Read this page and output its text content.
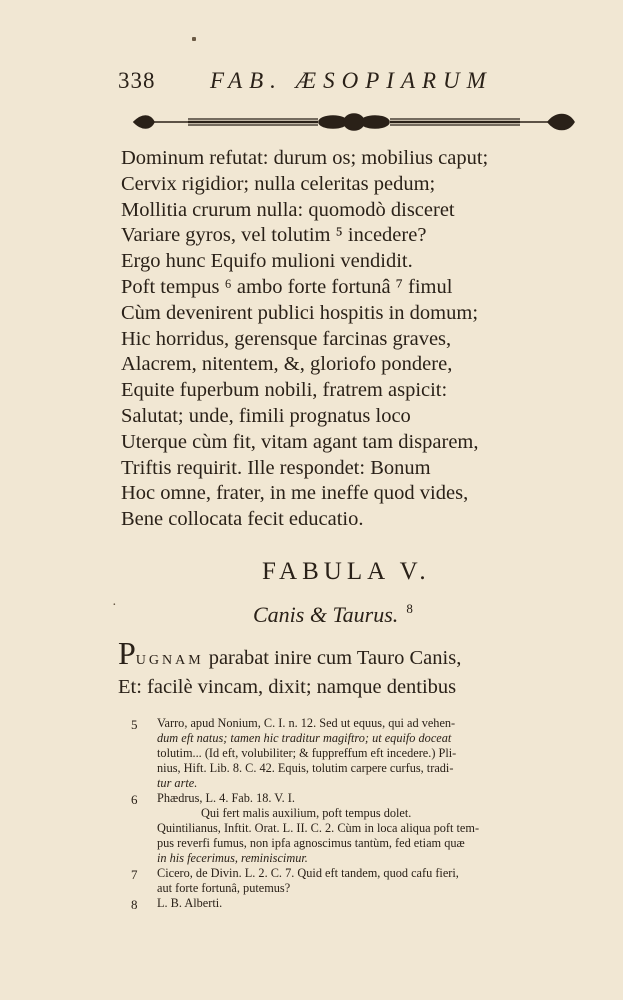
338 FAB. ÆSOPIARUM
Dominum refutat: durum os; mobilius caput;
Cervix rigidior; nulla celeritas pedum;
Mollitia crurum nulla: quomodò disceret
Variare gyros, vel tolutim ⁵ incedere?
Ergo hunc Equifo mulioni vendidit.
Poft tempus ⁶ ambo forte fortunâ ⁷ fimul
Cùm devenirent publici hospitis in domum;
Hic horridus, gerensque farcinas graves,
Alacrem, nitentem, &, gloriofo pondere,
Equite fuperbum nobili, fratrem aspicit:
Salutat; unde, fimili prognatus loco
Uterque cùm fit, vitam agant tam disparem,
Triftis requirit. Ille respondet: Bonum
Hoc omne, frater, in me ineffe quod vides,
Bene collocata fecit educatio.
FABULA V.
·	Canis & Taurus. $^8$
PUGNAM parabat inire cum Tauro Canis,
Et: facilè vincam, dixit; namque dentibus
5 Varro, apud Nonium, C. I. n. 12. Sed ut equus, qui ad vehen-
dum eft natus; tamen hic traditur magiftro; ut equifo doceat
tolutim... (Id eft, volubiliter; & fuppreffum eft incedere.) Pli-
nius, Hift. Lib. 8. C. 42. Equis, tolutim carpere curfus, tradi-
tur arte.
6 Phædrus, L. 4. Fab. 18. V. I.
Qui fert malis auxilium, poft tempus dolet.
Quintilianus, Inftit. Orat. L. II. C. 2. Cùm in loca aliqua poft tem-
pus reverfi fumus, non ipfa agnoscimus tantùm, fed etiam quæ
in his fecerimus, reminiscimur.
7 Cicero, de Divin. L. 2. C. 7. Quid eft tandem, quod cafu fieri,
aut forte fortunâ, putemus?
8 L. B. Alberti.
